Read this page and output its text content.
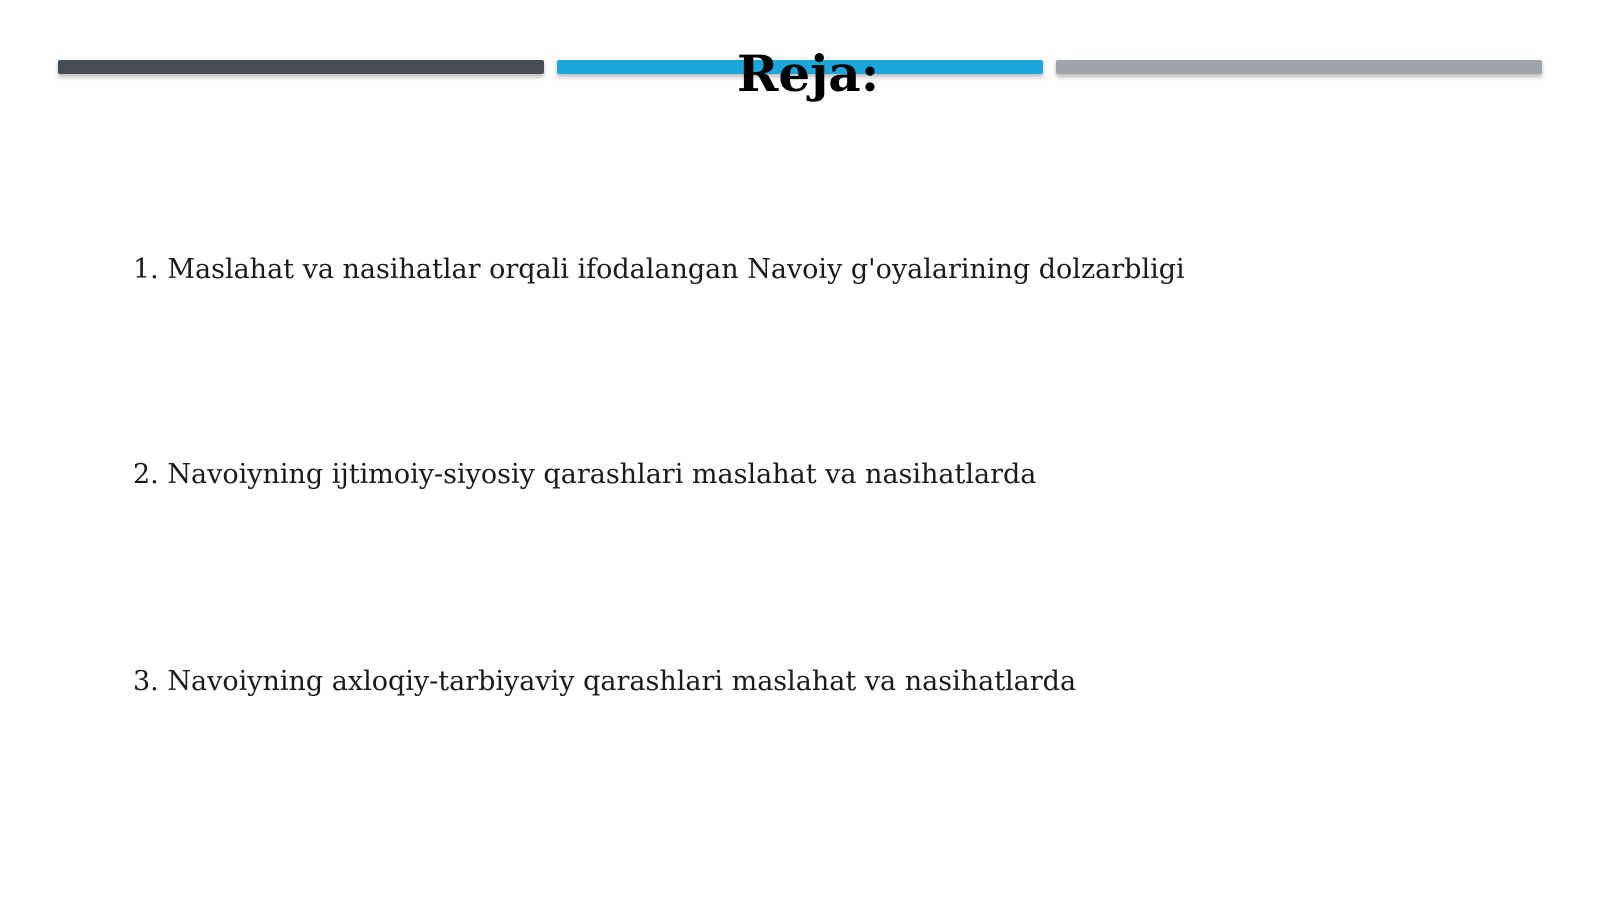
Reja:
1. Maslahat va nasihatlar orqali ifodalangan Navoiy g'oyalarining dolzarbligi
2. Navoiyning ijtimoiy-siyosiy qarashlari maslahat va nasihatlarda
3. Navoiyning axloqiy-tarbiyaviy qarashlari maslahat va nasihatlarda
